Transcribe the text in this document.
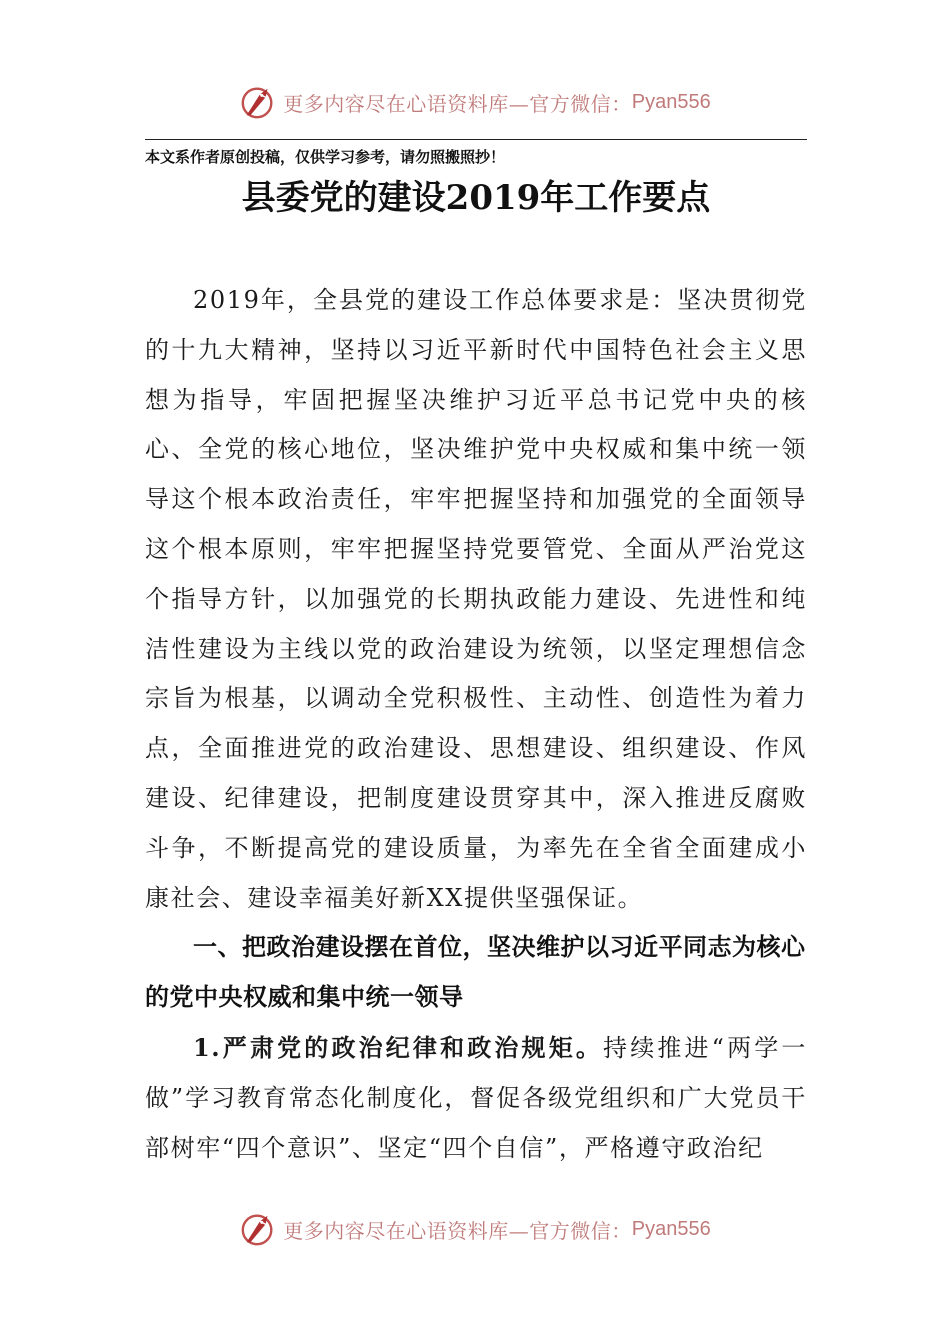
更多内容尽在心语资料库—官方微信： Pyan556
本文系作者原创投稿，仅供学习参考，请勿照搬照抄！
县委党的建设2019年工作要点

2019年，全县党的建设工作总体要求是：坚决贯彻党的十九大精神，坚持以习近平新时代中国特色社会主义思想为指导，牢固把握坚决维护习近平总书记党中央的核心、全党的核心地位，坚决维护党中央权威和集中统一领导这个根本政治责任，牢牢把握坚持和加强党的全面领导这个根本原则，牢牢把握坚持党要管党、全面从严治党这个指导方针，以加强党的长期执政能力建设、先进性和纯洁性建设为主线以党的政治建设为统领，以坚定理想信念宗旨为根基，以调动全党积极性、主动性、创造性为着力点，全面推进党的政治建设、思想建设、组织建设、作风建设、纪律建设，把制度建设贯穿其中，深入推进反腐败斗争，不断提高党的建设质量，为率先在全省全面建成小康社会、建设幸福美好新XX提供坚强保证。

一、把政治建设摆在首位，坚决维护以习近平同志为核心的党中央权威和集中统一领导

1.严肃党的政治纪律和政治规矩。持续推进“两学一做”学习教育常态化制度化，督促各级党组织和广大党员干部树牢“四个意识”、坚定“四个自信”，严格遵守政治纪

更多内容尽在心语资料库—官方微信： Pyan556
